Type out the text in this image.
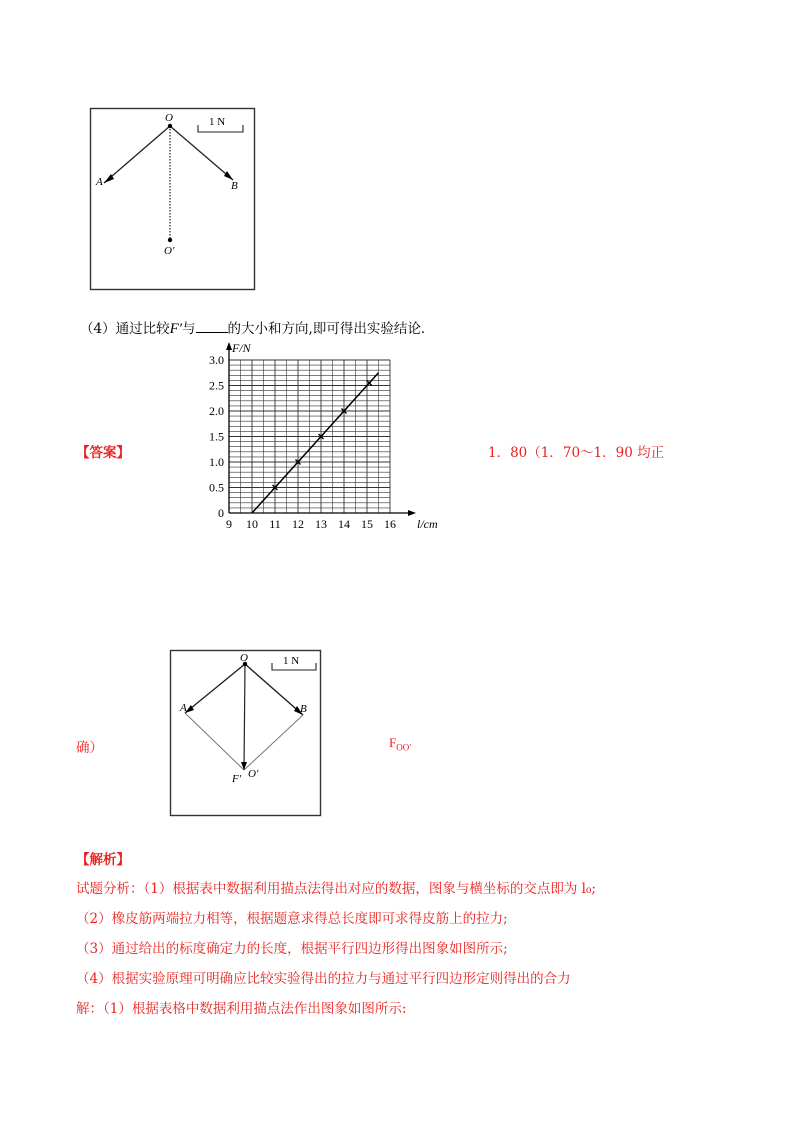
O
A	B
O′
1 N
（4）通过比较F′与 的大小和方向,即可得出实验结论．
【答案】
9 10 11 12 13 14 15 16
0
0.5
1.0
1.5
2.0
2.5
3.0
l/cm
F/N
1．80（1．70～1．90 均正
确）	$F_{OO'}$
O
A	B
F′ O′
1 N
【解析】
试题分析：（1）根据表中数据利用描点法得出对应的数据，图象与横坐标的交点即为 l₀;
（2）橡皮筋两端拉力相等，根据题意求得总长度即可求得皮筋上的拉力;
（3）通过给出的标度确定力的长度，根据平行四边形得出图象如图所示;
（4）根据实验原理可明确应比较实验得出的拉力与通过平行四边形定则得出的合力
解：（1）根据表格中数据利用描点法作出图象如图所示:
